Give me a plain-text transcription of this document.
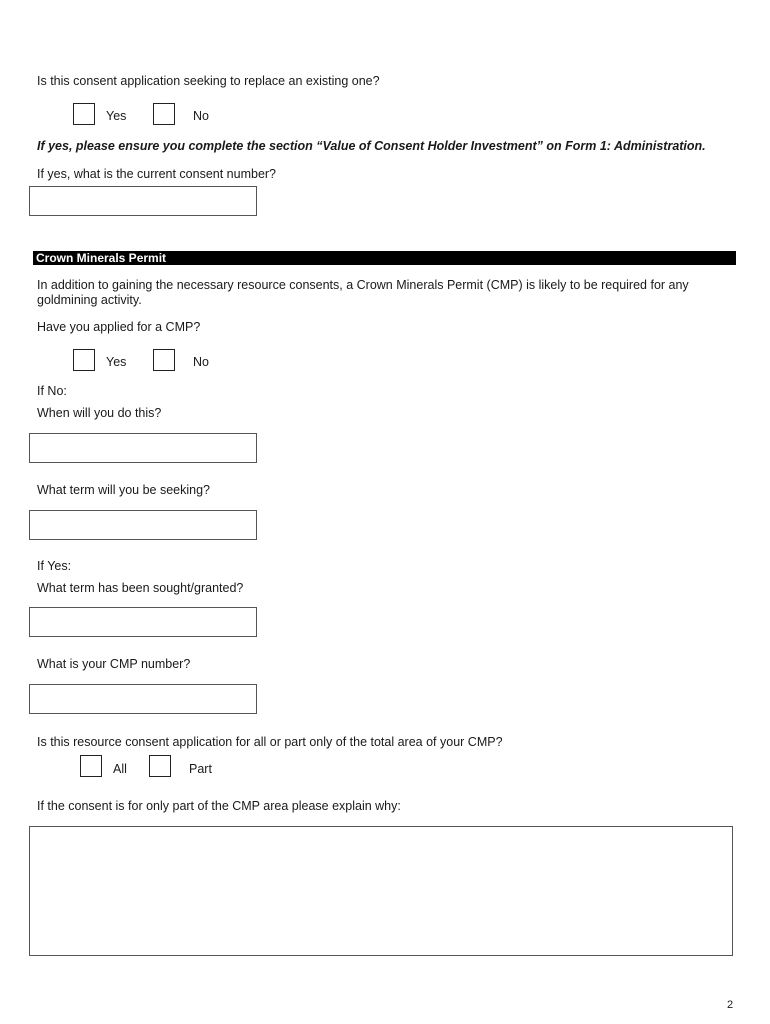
Is this consent application seeking to replace an existing one?
Yes	No
If yes, please ensure you complete the section “Value of Consent Holder Investment” on Form 1: Administration.
If yes, what is the current consent number?
Crown Minerals Permit
In addition to gaining the necessary resource consents, a Crown Minerals Permit (CMP) is likely to be required for any goldmining activity.
Have you applied for a CMP?
Yes	No
If No:
When will you do this?
What term will you be seeking?
If Yes:
What term has been sought/granted?
What is your CMP number?
Is this resource consent application for all or part only of the total area of your CMP?
All	Part
If the consent is for only part of the CMP area please explain why:
2
